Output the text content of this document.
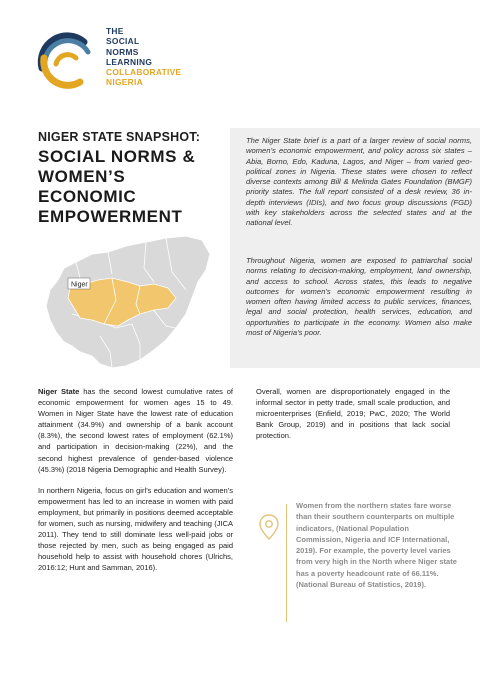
THE
SOCIAL
NORMS
LEARNING
COLLABORATIVE
NIGERIA
NIGER STATE SNAPSHOT:
SOCIAL NORMS &
WOMEN’S ECONOMIC
EMPOWERMENT

The Niger State brief is a part of a larger review of social norms, women’s economic empowerment, and policy across six states – Abia, Borno, Edo, Kaduna, Lagos, and Niger – from varied geo-political zones in Nigeria. These states were chosen to reflect diverse contexts among Bill & Melinda Gates Foundation (BMGF) priority states. The full report consisted of a desk review, 36 in-depth interviews (IDIs), and two focus group discussions (FGD) with key stakeholders across the selected states and at the national level.

Throughout Nigeria, women are exposed to patriarchal social norms relating to decision-making, employment, land ownership, and access to school. Across states, this leads to negative outcomes for women’s economic empowerment resulting in women often having limited access to public services, finances, legal and social protection, health services, education, and opportunities to participate in the economy. Women also make most of Nigeria’s poor.

Niger

Niger State has the second lowest cumulative rates of economic empowerment for women ages 15 to 49. Women in Niger State have the lowest rate of education attainment (34.9%) and ownership of a bank account (8.3%), the second lowest rates of employment (62.1%) and participation in decision-making (22%), and the second highest prevalence of gender-based violence (45.3%) (2018 Nigeria Demographic and Health Survey).

In northern Nigeria, focus on girl’s education and women’s empowerment has led to an increase in women with paid employment, but primarily in positions deemed acceptable for women, such as nursing, midwifery and teaching (JICA 2011). They tend to still dominate less well-paid jobs or those rejected by men, such as being engaged as paid household help to assist with household chores (Ulrichs, 2016:12; Hunt and Samman, 2016).

Overall, women are disproportionately engaged in the informal sector in petty trade, small scale production, and microenterprises (Enfield, 2019; PwC, 2020; The World Bank Group, 2019) and in positions that lack social protection.

Women from the northern states fare worse than their southern counterparts on multiple indicators, (National Population Commission, Nigeria and ICF International, 2019). For example, the poverty level varies from very high in the North where Niger state has a poverty headcount rate of 66.11%. (National Bureau of Statistics, 2019).
